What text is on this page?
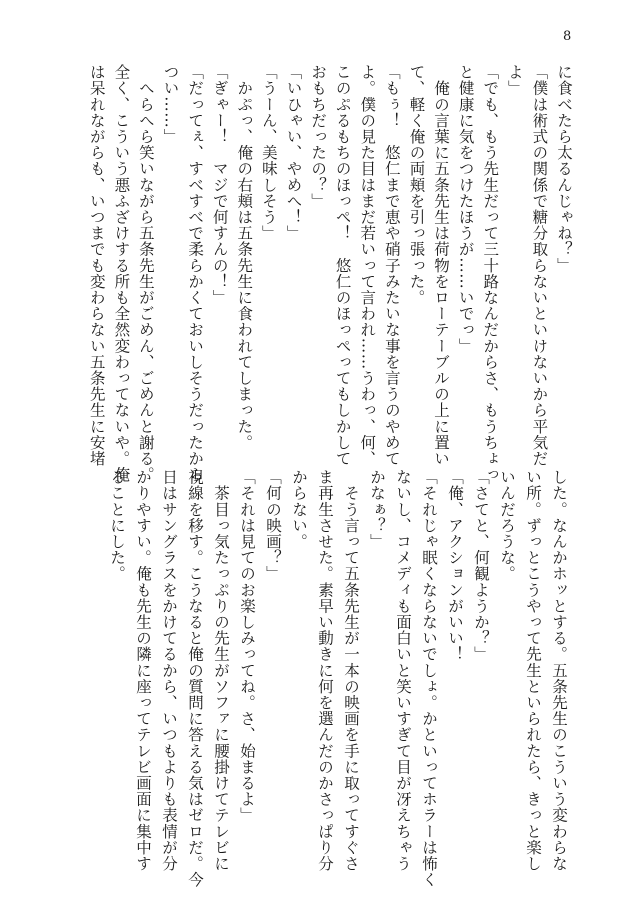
8

に食べたら太るんじゃね？」

「僕は術式の関係で糖分取らないといけないから平気だ

よ」

「でも、もう先生だって三十路なんだからさ、もうちょっ

と健康に気をつけたほうが……いでっ」

　俺の言葉に五条先生は荷物をローテーブルの上に置い

て、軽く俺の両頬を引っ張った。

「もぅ！　悠仁まで恵や硝子みたいな事を言うのやめて

よ。僕の見た目はまだ若いって言われ……うわっ、何、

このぷるもちのほっぺ！　悠仁のほっぺってもしかして

おもちだったの？」

「いひゃい、やめへ！」

「うーん、美味しそう」

　かぷっ、俺の右頬は五条先生に食われてしまった。

「ぎゃー！　マジで何すんの！」

「だってぇ、すべすべで柔らかくておいしそうだったから

つい……」

　へらへら笑いながら五条先生がごめん、ごめんと謝る。

全く、こういう悪ふざけする所も全然変わってないや。俺

は呆れながらも、いつまでも変わらない五条先生に安堵

した。なんかホッとする。五条先生のこういう変わらな

い所。ずっとこうやって先生といられたら、きっと楽し

いんだろうな。

「さてと、何観ようか？」

「俺、アクションがいい！

「それじゃ眠くならないでしょ。かといってホラーは怖く

ないし、コメディも面白いと笑いすぎて目が冴えちゃう

かなぁ？」

　そう言って五条先生が一本の映画を手に取ってすぐさ

ま再生させた。素早い動きに何を選んだのかさっぱり分

からない。

「何の映画？」

「それは見てのお楽しみってね。さ、始まるよ」

　茶目っ気たっぷりの先生がソファに腰掛けてテレビに

視線を移す。こうなると俺の質問に答える気はゼロだ。今

日はサングラスをかけてるから、いつもよりも表情が分

かりやすい。俺も先生の隣に座ってテレビ画面に集中す

ることにした。
